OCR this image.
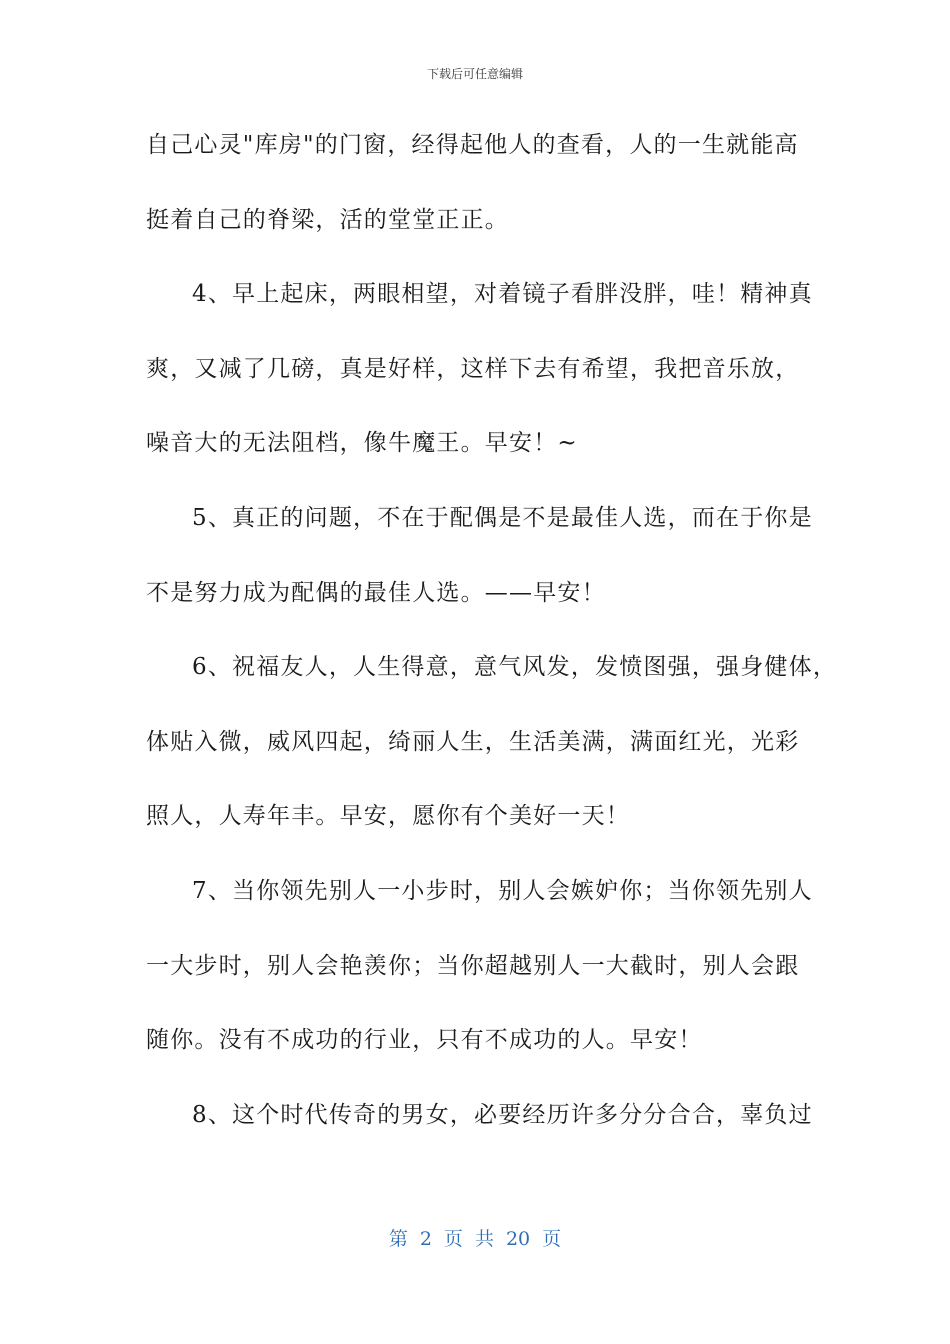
下载后可任意编辑
自己心灵"库房"的门窗，经得起他人的查看，人的一生就能高
挺着自己的脊梁，活的堂堂正正。
4、早上起床，两眼相望，对着镜子看胖没胖，哇！精神真
爽，又减了几磅，真是好样，这样下去有希望，我把音乐放，
噪音大的无法阻档，像牛魔王。早安！~
5、真正的问题，不在于配偶是不是最佳人选，而在于你是
不是努力成为配偶的最佳人选。——早安！
6、祝福友人，人生得意，意气风发，发愤图强，强身健体，
体贴入微，威风四起，绮丽人生，生活美满，满面红光，光彩
照人，人寿年丰。早安，愿你有个美好一天！
7、当你领先别人一小步时，别人会嫉妒你；当你领先别人
一大步时，别人会艳羡你；当你超越别人一大截时，别人会跟
随你。没有不成功的行业，只有不成功的人。早安！
8、这个时代传奇的男女，必要经历许多分分合合，辜负过
第 2 页 共 20 页
